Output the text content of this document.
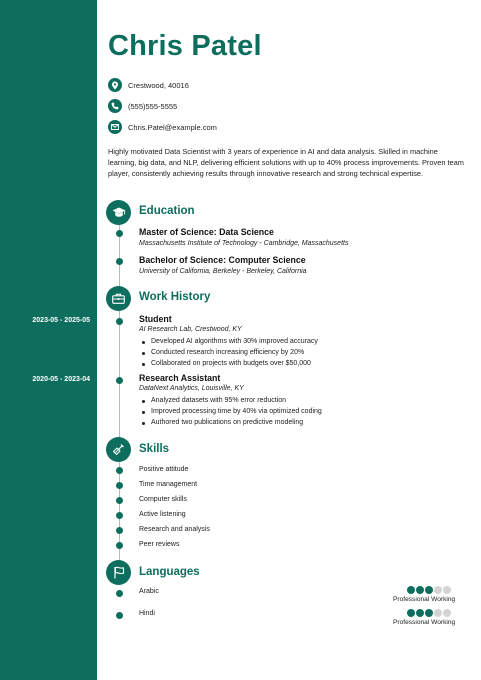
2023-05 - 2025-05
2020-05 - 2023-04
Chris Patel
Crestwood, 40016
(555)555-5555
Chris.Patel@example.com
Highly motivated Data Scientist with 3 years of experience in AI and data analysis. Skilled in machine learning, big data, and NLP, delivering efficient solutions with up to 40% process improvements. Proven team player, consistently achieving results through innovative research and strong technical expertise.
Education
Master of Science: Data Science
Massachusetts Institute of Technology - Cambridge, Massachusetts
Bachelor of Science: Computer Science
University of California, Berkeley - Berkeley, California
Work History
Student
AI Research Lab, Crestwood, KY
Developed AI algorithms with 30% improved accuracy
Conducted research increasing efficiency by 20%
Collaborated on projects with budgets over $50,000
Research Assistant
DataNext Analytics, Louisville, KY
Analyzed datasets with 95% error reduction
Improved processing time by 40% via optimized coding
Authored two publications on predictive modeling
Skills
Positive attitude
Time management
Computer skills
Active listening
Research and analysis
Peer reviews
Languages
Arabic
Professional Working
Hindi
Professional Working
